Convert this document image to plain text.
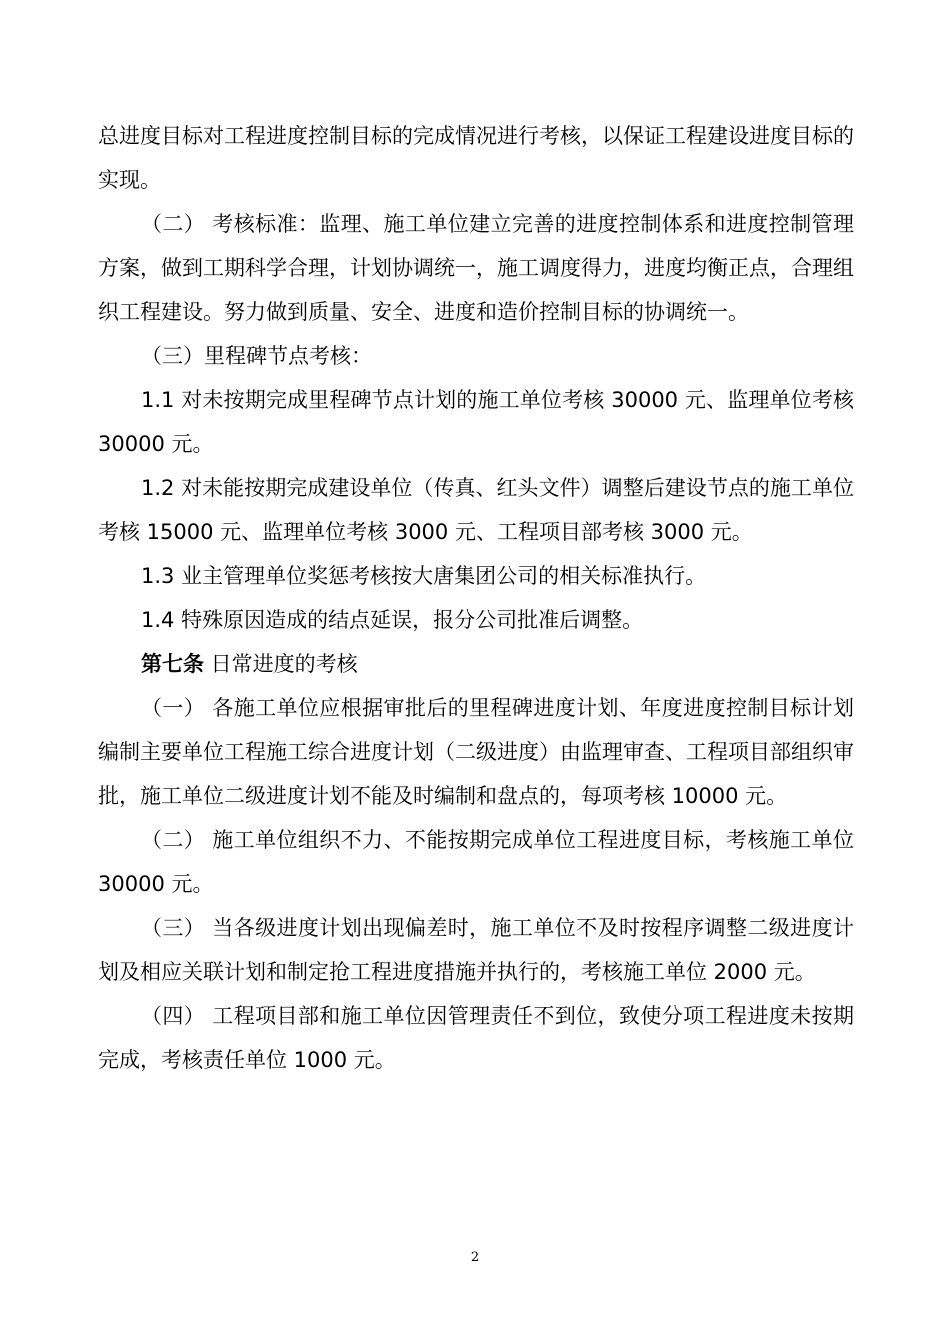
总进度目标对工程进度控制目标的完成情况进行考核，以保证工程建设进度目标的实现。

（二） 考核标准：监理、施工单位建立完善的进度控制体系和进度控制管理方案，做到工期科学合理，计划协调统一，施工调度得力，进度均衡正点，合理组织工程建设。努力做到质量、安全、进度和造价控制目标的协调统一。

（三）里程碑节点考核：

1.1 对未按期完成里程碑节点计划的施工单位考核 30000 元、监理单位考核 30000 元。

1.2 对未能按期完成建设单位（传真、红头文件）调整后建设节点的施工单位考核 15000 元、监理单位考核 3000 元、工程项目部考核 3000 元。

1.3 业主管理单位奖惩考核按大唐集团公司的相关标准执行。

1.4 特殊原因造成的结点延误，报分公司批准后调整。

第七条 日常进度的考核

（一） 各施工单位应根据审批后的里程碑进度计划、年度进度控制目标计划编制主要单位工程施工综合进度计划（二级进度）由监理审查、工程项目部组织审批，施工单位二级进度计划不能及时编制和盘点的，每项考核 10000 元。

（二） 施工单位组织不力、不能按期完成单位工程进度目标，考核施工单位 30000 元。

（三） 当各级进度计划出现偏差时，施工单位不及时按程序调整二级进度计划及相应关联计划和制定抢工程进度措施并执行的，考核施工单位 2000 元。

（四） 工程项目部和施工单位因管理责任不到位，致使分项工程进度未按期完成，考核责任单位 1000 元。

2
